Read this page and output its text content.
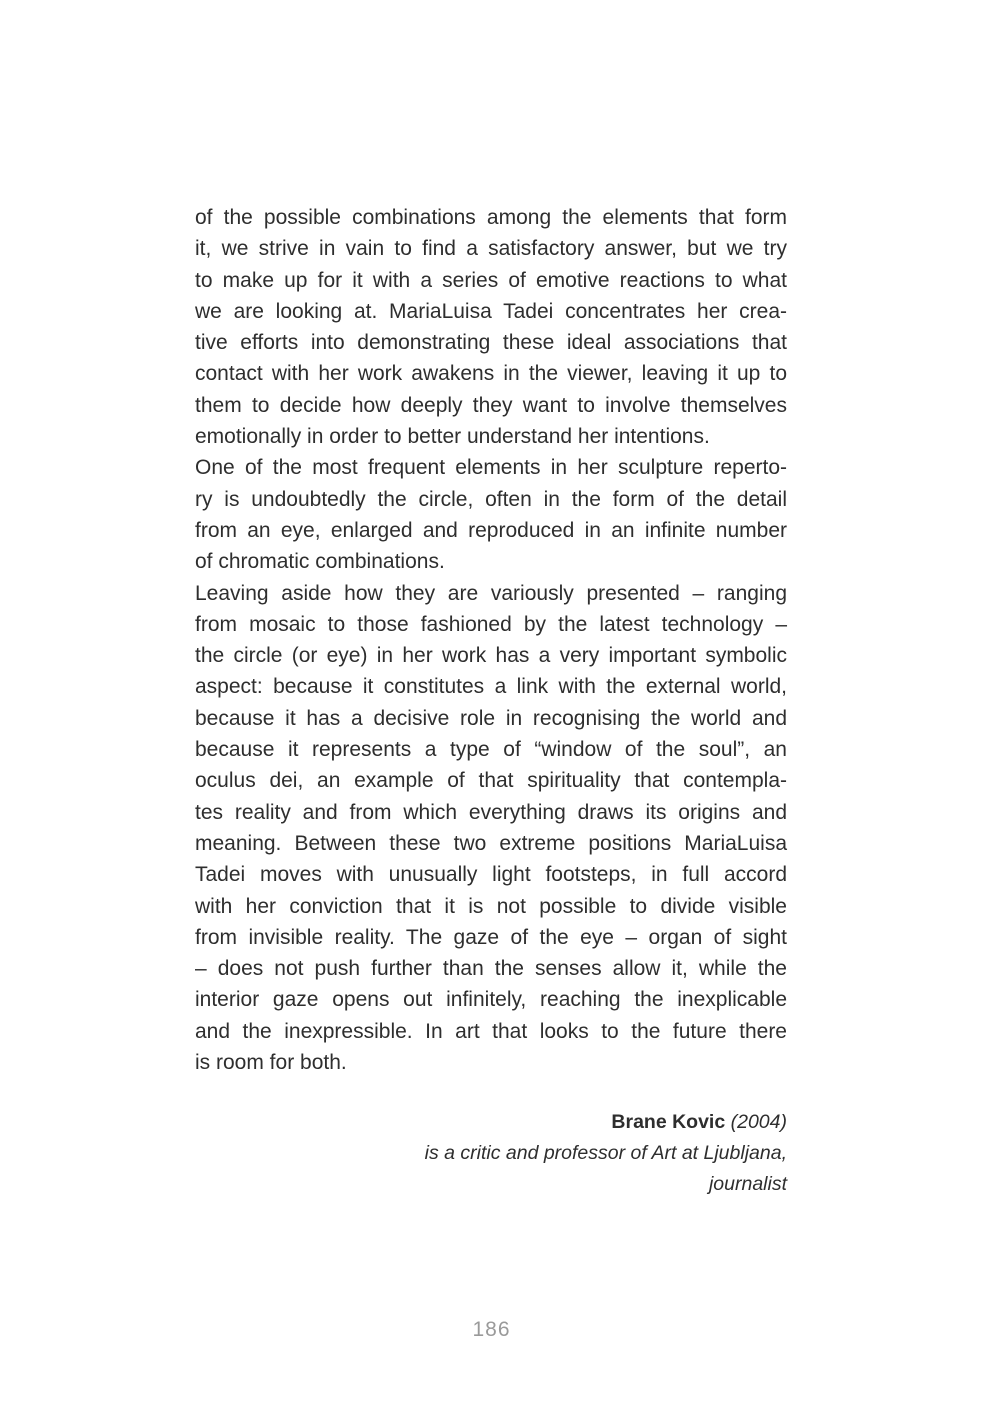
of the possible combinations among the elements that form
it, we strive in vain to find a satisfactory answer, but we try
to make up for it with a series of emotive reactions to what
we are looking at. MariaLuisa Tadei concentrates her crea-
tive efforts into demonstrating these ideal associations that
contact with her work awakens in the viewer, leaving it up to
them to decide how deeply they want to involve themselves
emotionally in order to better understand her intentions.
One of the most frequent elements in her sculpture reperto-
ry is undoubtedly the circle, often in the form of the detail
from an eye, enlarged and reproduced in an infinite number
of chromatic combinations.
Leaving aside how they are variously presented – ranging
from mosaic to those fashioned by the latest technology –
the circle (or eye) in her work has a very important symbolic
aspect: because it constitutes a link with the external world,
because it has a decisive role in recognising the world and
because it represents a type of “window of the soul”, an
oculus dei, an example of that spirituality that contempla-
tes reality and from which everything draws its origins and
meaning. Between these two extreme positions MariaLuisa
Tadei moves with unusually light footsteps, in full accord
with her conviction that it is not possible to divide visible
from invisible reality. The gaze of the eye – organ of sight
– does not push further than the senses allow it, while the
interior gaze opens out infinitely, reaching the inexplicable
and the inexpressible. In art that looks to the future there
is room for both.
Brane Kovic (2004)
is a critic and professor of Art at Ljubljana,
journalist
186
